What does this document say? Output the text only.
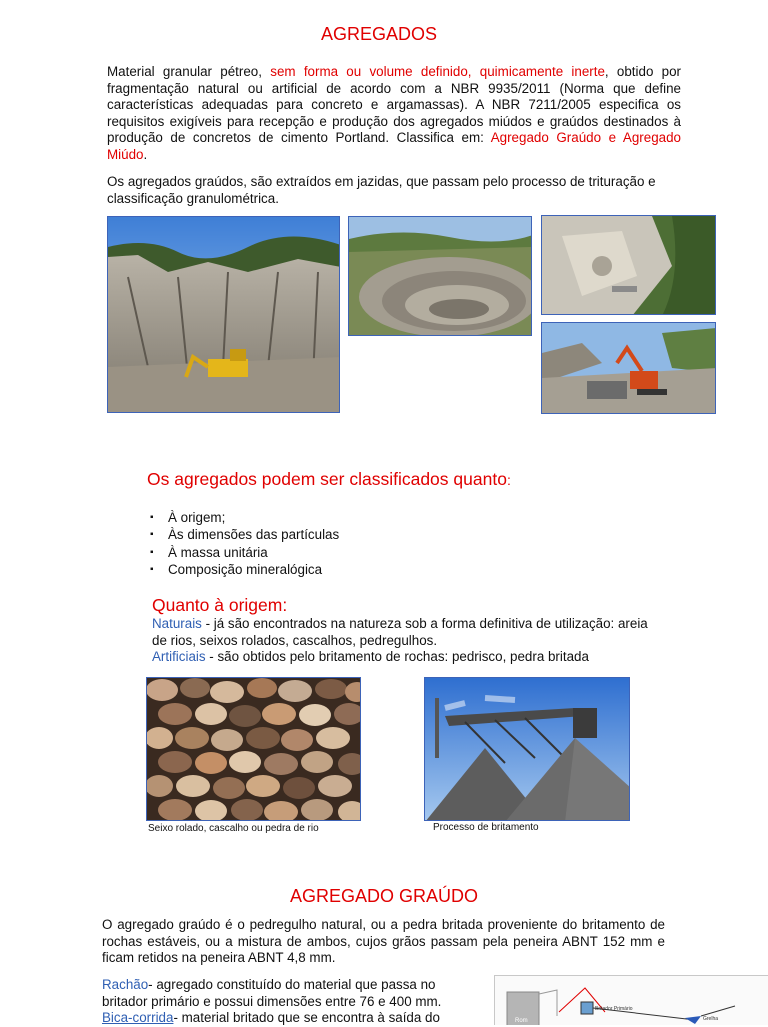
AGREGADOS
Material granular pétreo, sem forma ou volume definido, quimicamente inerte, obtido por fragmentação natural ou artificial de acordo com a NBR 9935/2011 (Norma que define características adequadas para concreto e argamassas). A NBR 7211/2005 especifica os requisitos exigíveis para recepção e produção dos agregados miúdos e graúdos destinados à produção de concretos de cimento Portland. Classifica em: Agregado Graúdo e Agregado Miúdo.
Os agregados graúdos, são extraídos em jazidas, que passam pelo processo de trituração e classificação granulométrica.
Os agregados podem ser classificados quanto:
▪ À origem;
▪ Às dimensões das partículas
▪ À massa unitária
▪ Composição mineralógica
Quanto à origem:
Naturais - já são encontrados na natureza sob a forma definitiva de utilização: areia de rios, seixos rolados, cascalhos, pedregulhos.
Artificiais - são obtidos pelo britamento de rochas: pedrisco, pedra britada
Seixo rolado, cascalho ou pedra de rio	Processo de britamento
AGREGADO GRAÚDO
O agregado graúdo é o pedregulho natural, ou a pedra britada proveniente do britamento de rochas estáveis, ou a mistura de ambos, cujos grãos passam pela peneira ABNT 152 mm e ficam retidos na peneira ABNT 4,8 mm.
Rachão- agregado constituído do material que passa no britador primário e possui dimensões entre 76 e 400 mm.
Bica-corrida- material britado que se encontra à saída do	Rom
Britador Primário
Grelha
